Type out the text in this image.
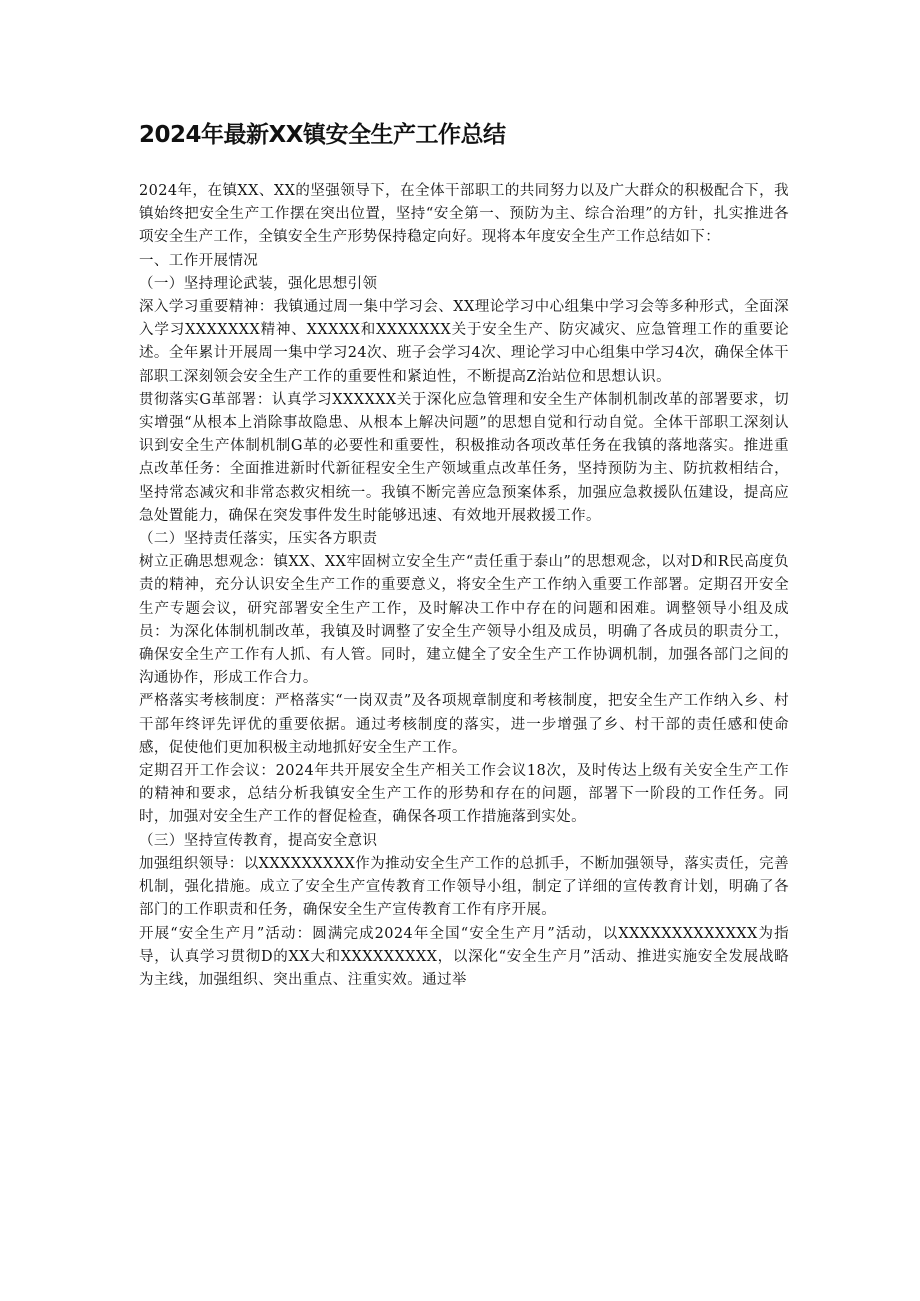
2024年最新XX镇安全生产工作总结

2024年，在镇XX、XX的坚强领导下，在全体干部职工的共同努力以及广大群众的积极配合下，我镇始终把安全生产工作摆在突出位置，坚持“安全第一、预防为主、综合治理”的方针，扎实推进各项安全生产工作，全镇安全生产形势保持稳定向好。现将本年度安全生产工作总结如下：

一、工作开展情况

（一）坚持理论武装，强化思想引领

深入学习重要精神：我镇通过周一集中学习会、XX理论学习中心组集中学习会等多种形式，全面深入学习XXXXXXX精神、XXXXX和XXXXXXX关于安全生产、防灾减灾、应急管理工作的重要论述。全年累计开展周一集中学习24次、班子会学习4次、理论学习中心组集中学习4次，确保全体干部职工深刻领会安全生产工作的重要性和紧迫性，不断提高Z治站位和思想认识。

贯彻落实G革部署：认真学习XXXXXX关于深化应急管理和安全生产体制机制改革的部署要求，切实增强“从根本上消除事故隐患、从根本上解决问题”的思想自觉和行动自觉。全体干部职工深刻认识到安全生产体制机制G革的必要性和重要性，积极推动各项改革任务在我镇的落地落实。推进重点改革任务：全面推进新时代新征程安全生产领域重点改革任务，坚持预防为主、防抗救相结合，坚持常态减灾和非常态救灾相统一。我镇不断完善应急预案体系，加强应急救援队伍建设，提高应急处置能力，确保在突发事件发生时能够迅速、有效地开展救援工作。

（二）坚持责任落实，压实各方职责

树立正确思想观念：镇XX、XX牢固树立安全生产“责任重于泰山”的思想观念，以对D和R民高度负责的精神，充分认识安全生产工作的重要意义，将安全生产工作纳入重要工作部署。定期召开安全生产专题会议，研究部署安全生产工作，及时解决工作中存在的问题和困难。调整领导小组及成员：为深化体制机制改革，我镇及时调整了安全生产领导小组及成员，明确了各成员的职责分工，确保安全生产工作有人抓、有人管。同时，建立健全了安全生产工作协调机制，加强各部门之间的沟通协作，形成工作合力。

严格落实考核制度：严格落实“一岗双责”及各项规章制度和考核制度，把安全生产工作纳入乡、村干部年终评先评优的重要依据。通过考核制度的落实，进一步增强了乡、村干部的责任感和使命感，促使他们更加积极主动地抓好安全生产工作。

定期召开工作会议：2024年共开展安全生产相关工作会议18次，及时传达上级有关安全生产工作的精神和要求，总结分析我镇安全生产工作的形势和存在的问题，部署下一阶段的工作任务。同时，加强对安全生产工作的督促检查，确保各项工作措施落到实处。

（三）坚持宣传教育，提高安全意识

加强组织领导：以XXXXXXXXX作为推动安全生产工作的总抓手，不断加强领导，落实责任，完善机制，强化措施。成立了安全生产宣传教育工作领导小组，制定了详细的宣传教育计划，明确了各部门的工作职责和任务，确保安全生产宣传教育工作有序开展。

开展“安全生产月”活动：圆满完成2024年全国“安全生产月”活动，以XXXXXXXXXXXXX为指导，认真学习贯彻D的XX大和XXXXXXXXX，以深化“安全生产月”活动、推进实施安全发展战略为主线，加强组织、突出重点、注重实效。通过举
